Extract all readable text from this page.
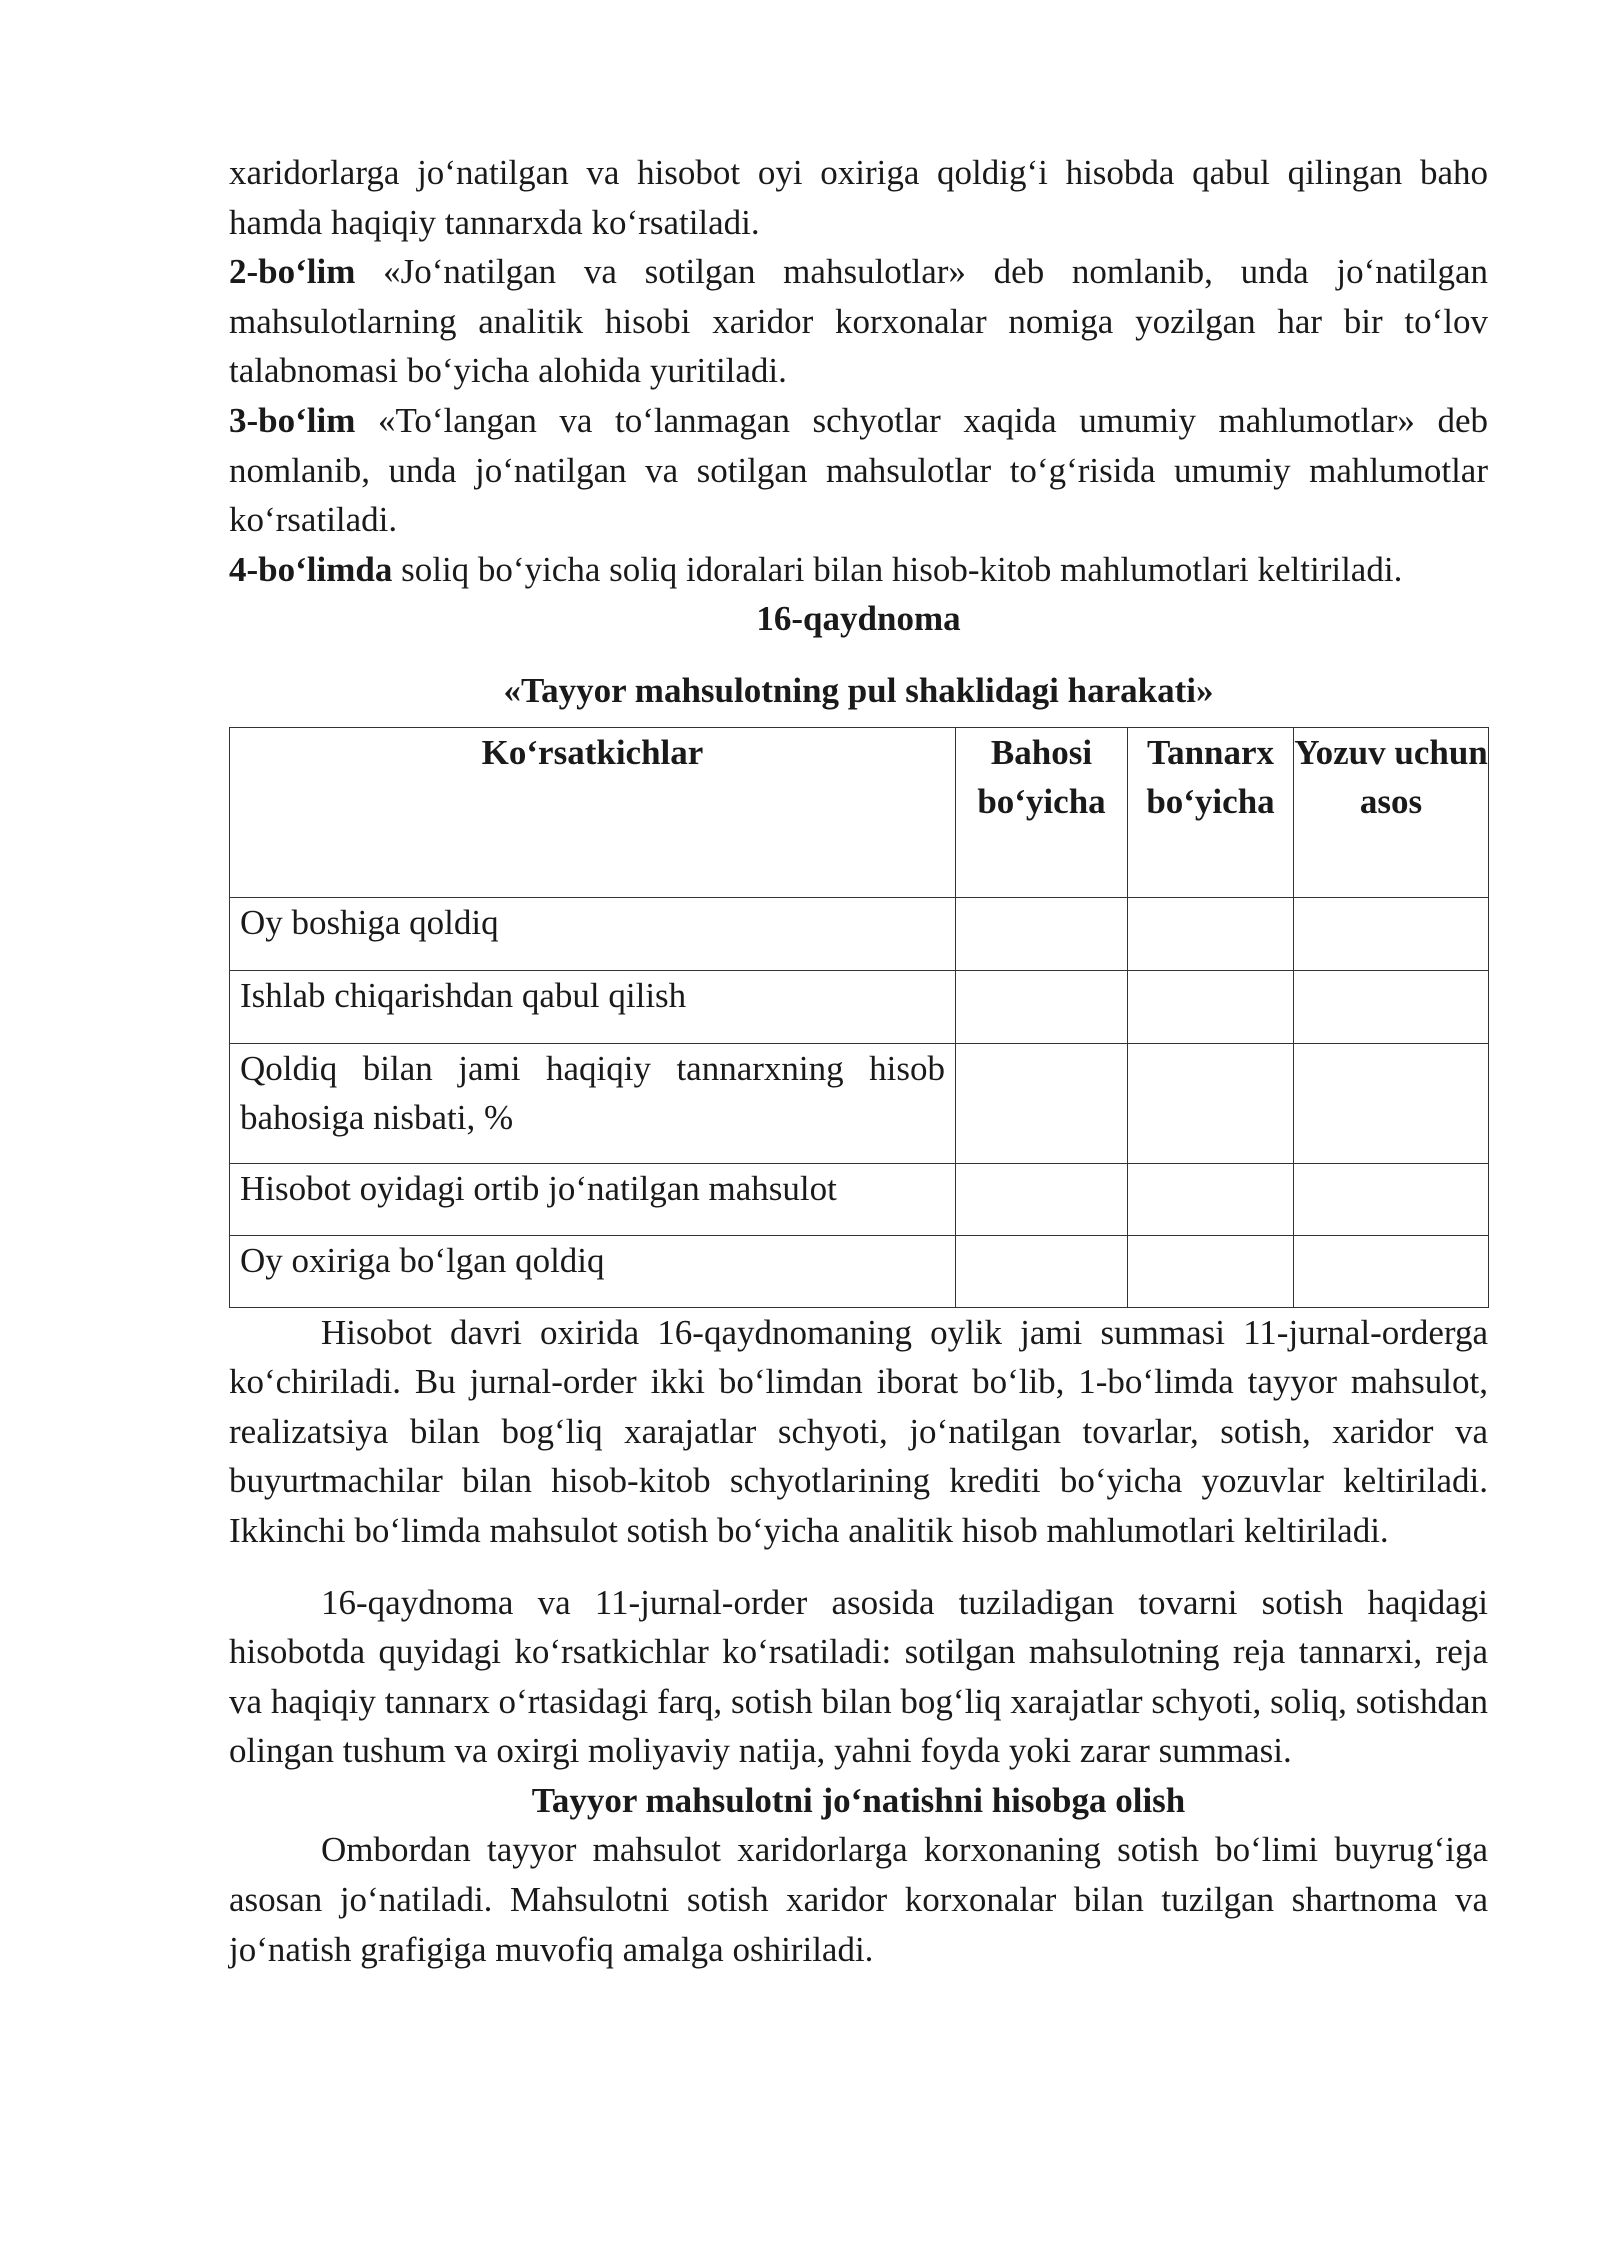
xaridorlarga jo‘natilgan va hisobot oyi oxiriga qoldig‘i hisobda qabul qilingan baho hamda haqiqiy tannarxda ko‘rsatiladi.

2-bo‘lim «Jo‘natilgan va sotilgan mahsulotlar» deb nomlanib, unda jo‘natilgan mahsulotlarning analitik hisobi xaridor korxonalar nomiga yozilgan har bir to‘lov talabnomasi bo‘yicha alohida yuritiladi.

3-bo‘lim «To‘langan va to‘lanmagan schyotlar xaqida umumiy mahlumotlar» deb nomlanib, unda jo‘natilgan va sotilgan mahsulotlar to‘g‘risida umumiy mahlumotlar ko‘rsatiladi.

4-bo‘limda soliq bo‘yicha soliq idoralari bilan hisob-kitob mahlumotlari keltiriladi.

16-qaydnoma

«Tayyor mahsulotning pul shaklidagi harakati»

Ko‘rsatkichlar	Bahosi bo‘yicha	Tannarx bo‘yicha	Yozuv uchun asos
Oy boshiga qoldiq			
Ishlab chiqarishdan qabul qilish			
Qoldiq bilan jami haqiqiy tannarxning hisob bahosiga nisbati, %			
Hisobot oyidagi ortib jo‘natilgan mahsulot			
Oy oxiriga bo‘lgan qoldiq			

Hisobot davri oxirida 16-qaydnomaning oylik jami summasi 11-jurnal-orderga ko‘chiriladi. Bu jurnal-order ikki bo‘limdan iborat bo‘lib, 1-bo‘limda tayyor mahsulot, realizatsiya bilan bog‘liq xarajatlar schyoti, jo‘natilgan tovarlar, sotish, xaridor va buyurtmachilar bilan hisob-kitob schyotlarining krediti bo‘yicha yozuvlar keltiriladi. Ikkinchi bo‘limda mahsulot sotish bo‘yicha analitik hisob mahlumotlari keltiriladi.

16-qaydnoma va 11-jurnal-order asosida tuziladigan tovarni sotish haqidagi hisobotda quyidagi ko‘rsatkichlar ko‘rsatiladi: sotilgan mahsulotning reja tannarxi, reja va haqiqiy tannarx o‘rtasidagi farq, sotish bilan bog‘liq xarajatlar schyoti, soliq, sotishdan olingan tushum va oxirgi moliyaviy natija, yahni foyda yoki zarar summasi.

Tayyor mahsulotni jo‘natishni hisobga olish

Ombordan tayyor mahsulot xaridorlarga korxonaning sotish bo‘limi buyrug‘iga asosan jo‘natiladi. Mahsulotni sotish xaridor korxonalar bilan tuzilgan shartnoma va jo‘natish grafigiga muvofiq amalga oshiriladi.
